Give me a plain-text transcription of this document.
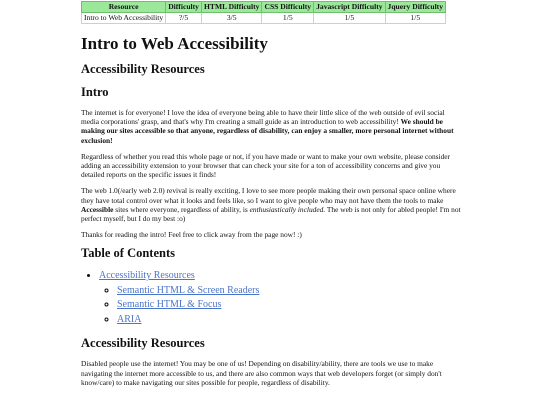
Resource	Difficulty	HTML Difficulty	CSS Difficulty	Javascript Difficulty	Jquery Difficulty
Intro to Web Accessibility	?/5	3/5	1/5	1/5	1/5
Intro to Web Accessibility
Accessibility Resources
Intro

The internet is for everyone! I love the idea of everyone being able to have their little slice of the web outside of evil social media corporations' grasp, and that's why I'm creating a small guide as an introduction to web accessibility! We should be making our sites accessible so that anyone, regardless of disability, can enjoy a smaller, more personal internet without exclusion!

Regardless of whether you read this whole page or not, if you have made or want to make your own website, please consider adding an accessibility extension to your browser that can check your site for a ton of accessibility concerns and give you detailed reports on the specific issues it finds!

The web 1.0(/early web 2.0) revival is really exciting, I love to see more people making their own personal space online where they have total control over what it looks and feels like, so I want to give people who may not have them the tools to make Accessible sites where everyone, regardless of ability, is enthusiastically included. The web is not only for abled people! I'm not perfect myself, but I do my best :o)

Thanks for reading the intro! Feel free to click away from the page now! :)

Table of Contents
• Accessibility Resources
◦ Semantic HTML & Screen Readers
◦ Semantic HTML & Focus
◦ ARIA
Accessibility Resources

Disabled people use the internet! You may be one of us! Depending on disability/ability, there are tools we use to make navigating the internet more accessible to us, and there are also common ways that web developers forget (or simply don't know/care) to make navigating our sites possible for people, regardless of disability.
